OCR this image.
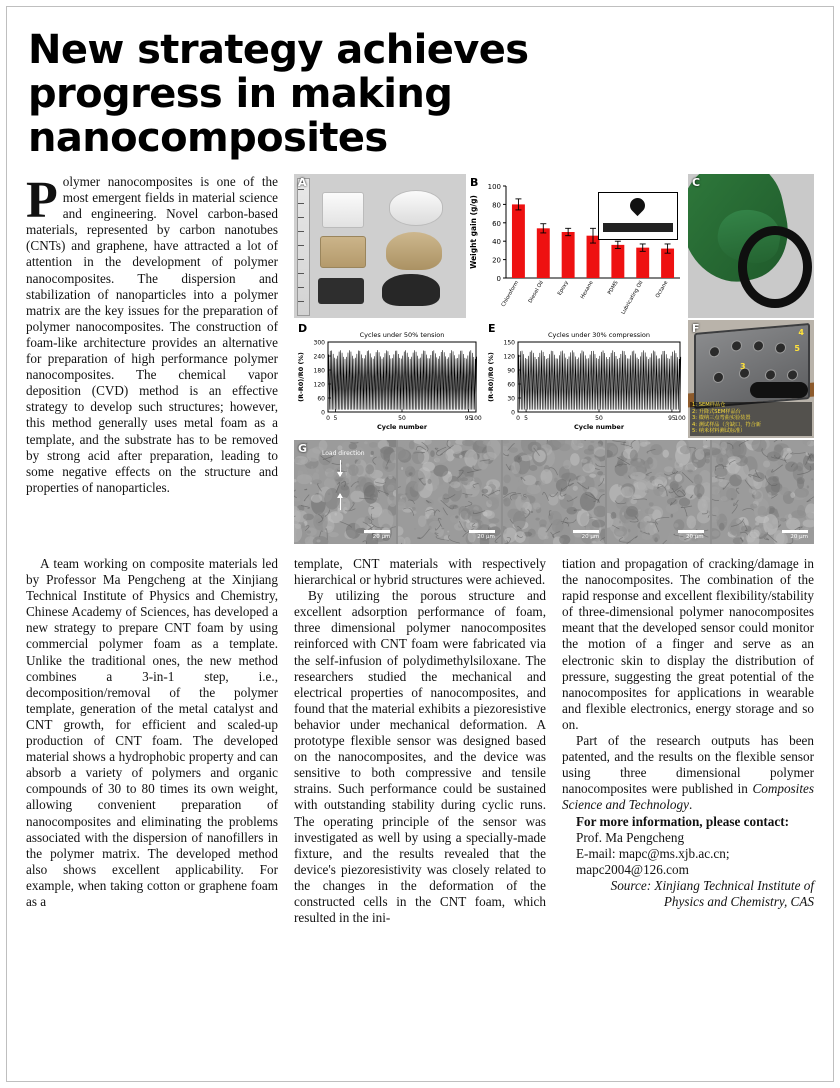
New strategy achieves progress in making nanocomposites

Polymer nanocomposites is one of the most emergent fields in material science and engineering. Novel carbon-based materials, represented by carbon nanotubes (CNTs) and graphene, have attracted a lot of attention in the development of polymer nanocomposites. The dispersion and stabilization of nanoparticles into a polymer matrix are the key issues for the preparation of polymer nanocomposites. The construction of foam-like architecture provides an alternative for preparation of high performance polymer nanocomposites. The chemical vapor deposition (CVD) method is an effective strategy to develop such structures; however, this method generally uses metal foam as a template, and the substrate has to be removed by strong acid after preparation, leading to some negative effects on the structure and properties of nanoparticles.

A	B
0
20
40
60
80
100
Weight gain (g/g)
Chloroform Diesel Oil Epoxy Hexane PDMS Lubricating Oil Octane
C
D	Cycles under 50% tension
0
60
120
180
240
300
0 5	50	95
100
Cycle number
(R-R0)/R0 (%)
E	Cycles under 30% compression
0
30
60
90
120
150
0 5	50	95
100
Cycle number
(R-R0)/R0 (%)
F	4
5
3
1: SEM样品仓
2: 升降式SEM样品台
3: 微纳三点弯曲实验装置
4: 测试样品（含缺口，符合新
5: 纳米材料测试标准）
G Load direction
20 µm	20 µm	20 µm	20 µm	20 µm

A team working on composite materials led by Professor Ma Pengcheng at the Xinjiang Technical Institute of Physics and Chemistry, Chinese Academy of Sciences, has developed a new strategy to prepare CNT foam by using commercial polymer foam as a template. Unlike the traditional ones, the new method combines a 3-in-1 step, i.e., decomposition/removal of the polymer template, generation of the metal catalyst and CNT growth, for efficient and scaled-up production of CNT foam. The developed material shows a hydrophobic property and can absorb a variety of polymers and organic compounds of 30 to 80 times its own weight, allowing convenient preparation of nanocomposites and eliminating the problems associated with the dispersion of nanofillers in the polymer matrix. The developed method also shows excellent applicability. For example, when taking cotton or graphene foam as a

template, CNT materials with respectively hierarchical or hybrid structures were achieved.

By utilizing the porous structure and excellent adsorption performance of foam, three dimensional polymer nanocomposites reinforced with CNT foam were fabricated via the self-infusion of polydimethylsiloxane. The researchers studied the mechanical and electrical properties of nanocomposites, and found that the material exhibits a piezoresistive behavior under mechanical deformation. A prototype flexible sensor was designed based on the nanocomposites, and the device was sensitive to both compressive and tensile strains. Such performance could be sustained with outstanding stability during cyclic runs. The operating principle of the sensor was investigated as well by using a specially-made fixture, and the results revealed that the device's piezoresistivity was closely related to the changes in the deformation of the constructed cells in the CNT foam, which resulted in the ini-

tiation and propagation of cracking/damage in the nanocomposites. The combination of the rapid response and excellent flexibility/stability of three-dimensional polymer nanocomposites meant that the developed sensor could monitor the motion of a finger and serve as an electronic skin to display the distribution of pressure, suggesting the great potential of the nanocomposites for applications in wearable and flexible electronics, energy storage and so on.

Part of the research outputs has been patented, and the results on the flexible sensor using three dimensional polymer nanocomposites were published in Composites Science and Technology.

For more information, please contact:

Prof. Ma Pengcheng

E-mail: mapc@ms.xjb.ac.cn;

mapc2004@126.com

Source: Xinjiang Technical Institute of Physics and Chemistry, CAS
